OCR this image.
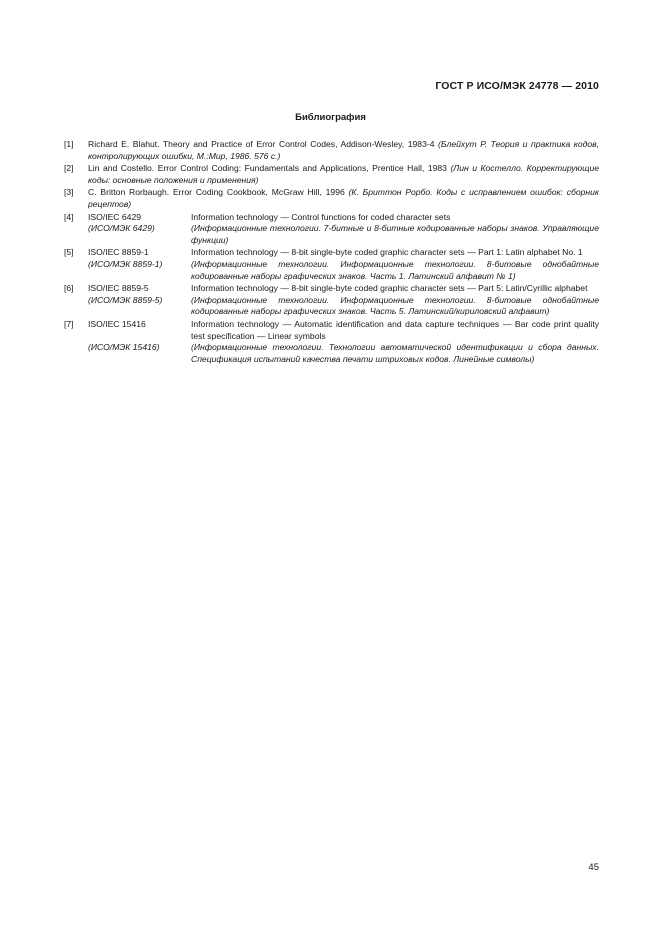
ГОСТ Р ИСО/МЭК 24778 — 2010
Библиография
[1] Richard E. Blahut. Theory and Practice of Error Control Codes, Addison-Wesley, 1983-4 (Блейхут Р. Теория и практика кодов, контролирующих ошибки, М.:Мир, 1986. 576 с.)
[2] Lin and Costello. Error Control Coding: Fundamentals and Applications, Prentice Hall, 1983 (Лин и Костелло. Корректирующие коды: основные положения и применения)
[3] C. Britton Rorbaugh. Error Coding Cookbook, McGraw Hill, 1996 (К. Бриттон Рорбо. Коды с исправлением ошибок: сборник рецептов)
[4] ISO/IEC 6429	Information technology — Control functions for coded character sets
(ИСО/МЭК 6429)	(Информационные технологии. 7-битные и 8-битные кодированные наборы знаков. Управляющие функции)
[5] ISO/IEC 8859-1	Information technology — 8-bit single-byte coded graphic character sets — Part 1: Latin alphabet No. 1
(ИСО/МЭК 8859-1)	(Информационные технологии. Информационные технологии. 8-битовые однобайтные кодированные наборы графических знаков. Часть 1. Латинский алфавит № 1)
[6] ISO/IEC 8859-5	Information technology — 8-bit single-byte coded graphic character sets — Part 5: Latin/Cyrillic alphabet
(ИСО/МЭК 8859-5)	(Информационные технологии. Информационные технологии. 8-битовые однобайтные кодированные наборы графических знаков. Часть 5. Латинский/кириловский алфавит)
[7] ISO/IEC 15416	Information technology — Automatic identification and data capture techniques — Bar code print quality test specification — Linear symbols
(ИСО/МЭК 15416)	(Информационные технологии. Технологии автоматической идентификации и сбора данных. Спецификация испытаний качества печати штриховых кодов. Линейные символы)
45
